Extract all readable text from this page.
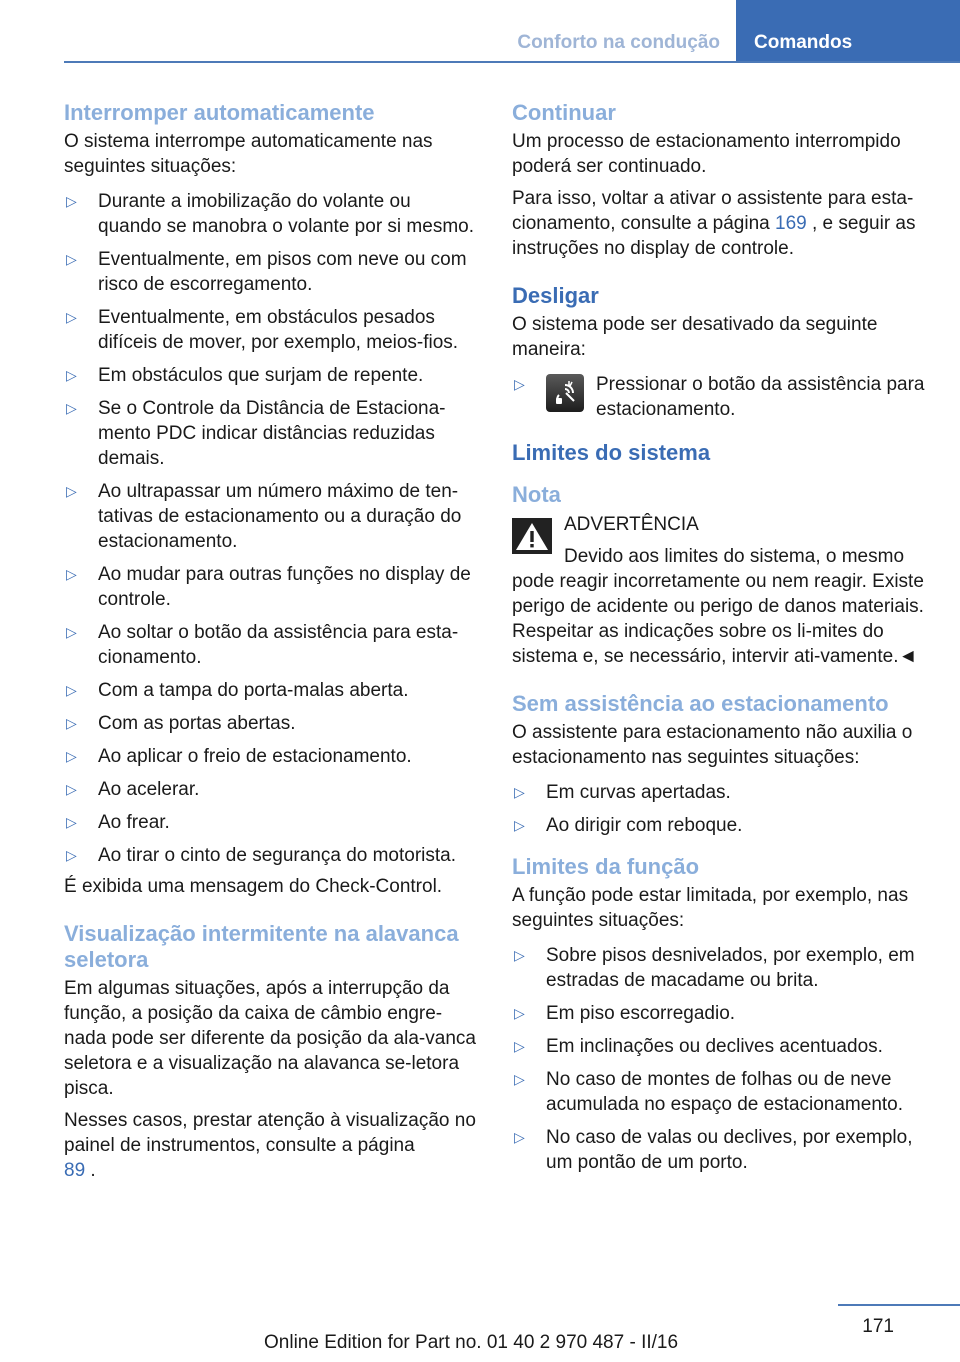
Conforto na condução	Comandos
Interromper automaticamente

O sistema interrompe automaticamente nas seguintes situações:

▷ Durante a imobilização do volante ou quando se manobra o volante por si mesmo.
▷ Eventualmente, em pisos com neve ou com risco de escorregamento.
▷ Eventualmente, em obstáculos pesados difíceis de mover, por exemplo, meios-fios.
▷ Em obstáculos que surjam de repente.
▷ Se o Controle da Distância de Estaciona-mento PDC indicar distâncias reduzidas demais.
▷ Ao ultrapassar um número máximo de ten-tativas de estacionamento ou a duração do estacionamento.
▷ Ao mudar para outras funções no display de controle.
▷ Ao soltar o botão da assistência para esta-cionamento.
▷ Com a tampa do porta-malas aberta.
▷ Com as portas abertas.
▷ Ao aplicar o freio de estacionamento.
▷ Ao acelerar.
▷ Ao frear.
▷ Ao tirar o cinto de segurança do motorista.

É exibida uma mensagem do Check-Control.

Visualização intermitente na alavanca seletora

Em algumas situações, após a interrupção da função, a posição da caixa de câmbio engre-nada pode ser diferente da posição da ala-vanca seletora e a visualização na alavanca se-letora pisca.

Nesses casos, prestar atenção à visualização no painel de instrumentos, consulte a página
89 .

Continuar

Um processo de estacionamento interrompido poderá ser continuado.

Para isso, voltar a ativar o assistente para esta-cionamento, consulte a página 169 , e seguir as instruções no display de controle.

Desligar

O sistema pode ser desativado da seguinte maneira:

▷	Pressionar o botão da assistência para estacionamento.
Limites do sistema
Nota
ADVERTÊNCIA
Devido aos limites do sistema, o mesmo
pode reagir incorretamente ou nem reagir. Existe perigo de acidente ou perigo de danos materiais. Respeitar as indicações sobre os li-mites do sistema e, se necessário, intervir ati-vamente.◄
Sem assistência ao estacionamento

O assistente para estacionamento não auxilia o estacionamento nas seguintes situações:

▷ Em curvas apertadas.
▷ Ao dirigir com reboque.
Limites da função

A função pode estar limitada, por exemplo, nas seguintes situações:

▷ Sobre pisos desnivelados, por exemplo, em estradas de macadame ou brita.
▷ Em piso escorregadio.
▷ Em inclinações ou declives acentuados.
▷ No caso de montes de folhas ou de neve acumulada no espaço de estacionamento.
▷ No caso de valas ou declives, por exemplo, um pontão de um porto.
171
Online Edition for Part no. 01 40 2 970 487 - II/16
